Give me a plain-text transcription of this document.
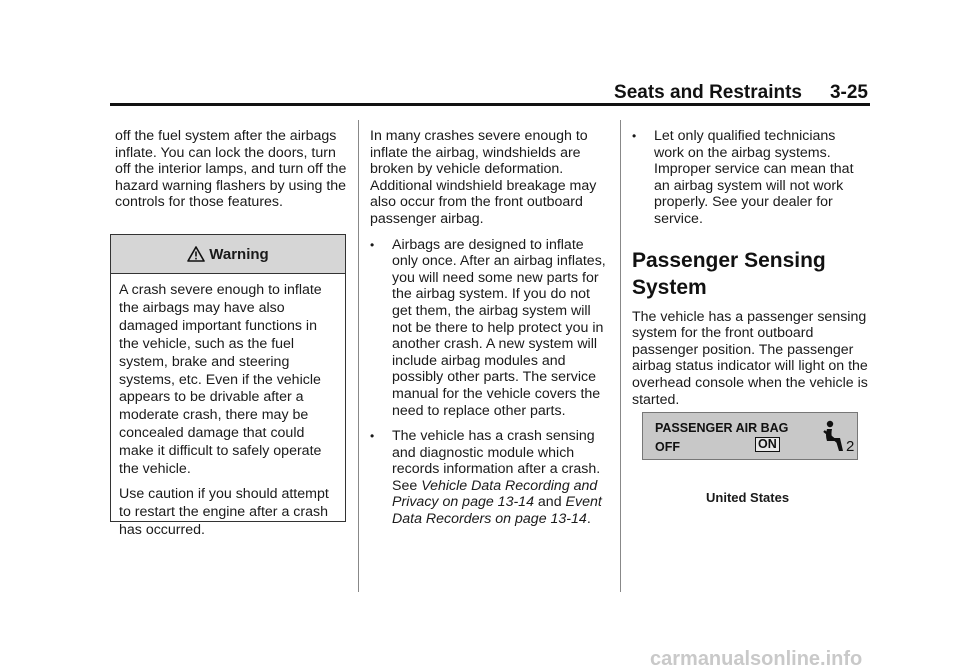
Seats and Restraints 3-25

off the fuel system after the airbags inflate. You can lock the doors, turn off the interior lamps, and turn off the hazard warning flashers by using the controls for those features.

Warning

A crash severe enough to inflate the airbags may have also damaged important functions in the vehicle, such as the fuel system, brake and steering systems, etc. Even if the vehicle appears to be drivable after a moderate crash, there may be concealed damage that could make it difficult to safely operate the vehicle.

Use caution if you should attempt to restart the engine after a crash has occurred.

In many crashes severe enough to inflate the airbag, windshields are broken by vehicle deformation. Additional windshield breakage may also occur from the front outboard passenger airbag.

• Airbags are designed to inflate only once. After an airbag inflates, you will need some new parts for the airbag system. If you do not get them, the airbag system will not be there to help protect you in another crash. A new system will include airbag modules and possibly other parts. The service manual for the vehicle covers the need to replace other parts.
• The vehicle has a crash sensing and diagnostic module which records information after a crash. See Vehicle Data Recording and Privacy on page 13-14 and Event Data Recorders on page 13-14.
• Let only qualified technicians work on the airbag systems. Improper service can mean that an airbag system will not work properly. See your dealer for service.
Passenger Sensing System

The vehicle has a passenger sensing system for the front outboard passenger position. The passenger airbag status indicator will light on the overhead console when the vehicle is started.

PASSENGER AIR BAG
OFF	ON	2
United States
carmanualsonline.info
